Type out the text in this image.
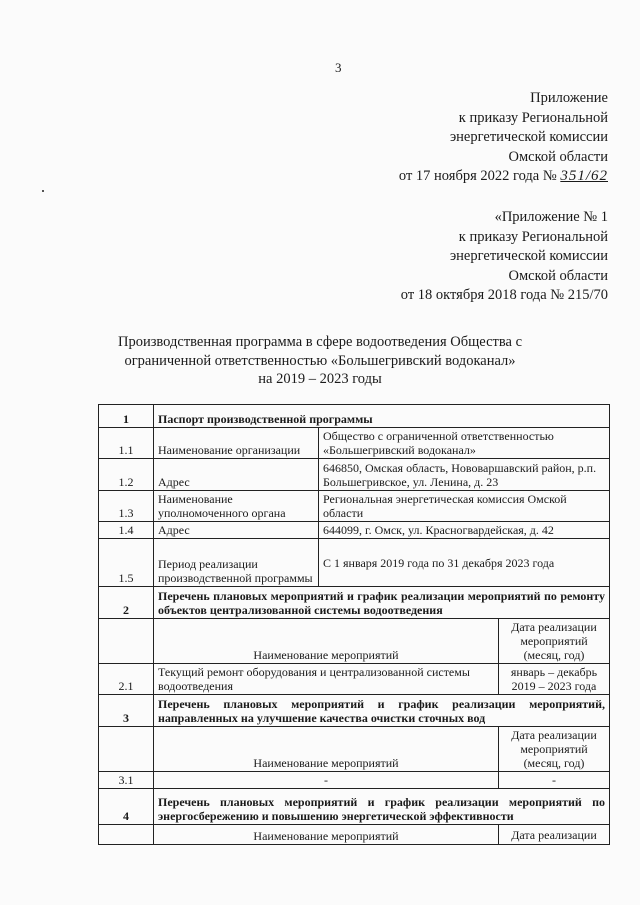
3
Приложение
к приказу Региональной
энергетической комиссии
Омской области
от 17 ноября 2022 года № 351/62
«Приложение № 1
к приказу Региональной
энергетической комиссии
Омской области
от 18 октября 2018 года № 215/70
Производственная программа в сфере водоотведения Общества с
ограниченной ответственностью «Большегривский водоканал»
на 2019 – 2023 годы
1	Паспорт производственной программы		
1.1	Наименование организации	Общество с ограниченной ответственностью «Большегривский водоканал»	
1.2	Адрес	646850, Омская область, Нововаршавский район, р.п. Большегривское, ул. Ленина, д. 23	
1.3	Наименование уполномоченного органа	Региональная энергетическая комиссия Омской области	
1.4	Адрес	644099, г. Омск, ул. Красногвардейская, д. 42	
1.5	Период реализации производственной программы	С 1 января 2019 года по 31 декабря 2023 года	
2	Перечень плановых мероприятий и график реализации мероприятий по ремонту объектов централизованной системы водоотведения		
	Наименование мероприятий		Дата реализации мероприятий (месяц, год)
2.1	Текущий ремонт оборудования и централизованной системы водоотведения		январь – декабрь 2019 – 2023 года
3	Перечень плановых мероприятий и график реализации мероприятий, направленных на улучшение качества очистки сточных вод		
	Наименование мероприятий		Дата реализации мероприятий (месяц, год)
3.1	-		-
4	Перечень плановых мероприятий и график реализации мероприятий по энергосбережению и повышению энергетической эффективности		
	Наименование мероприятий		Дата реализации
